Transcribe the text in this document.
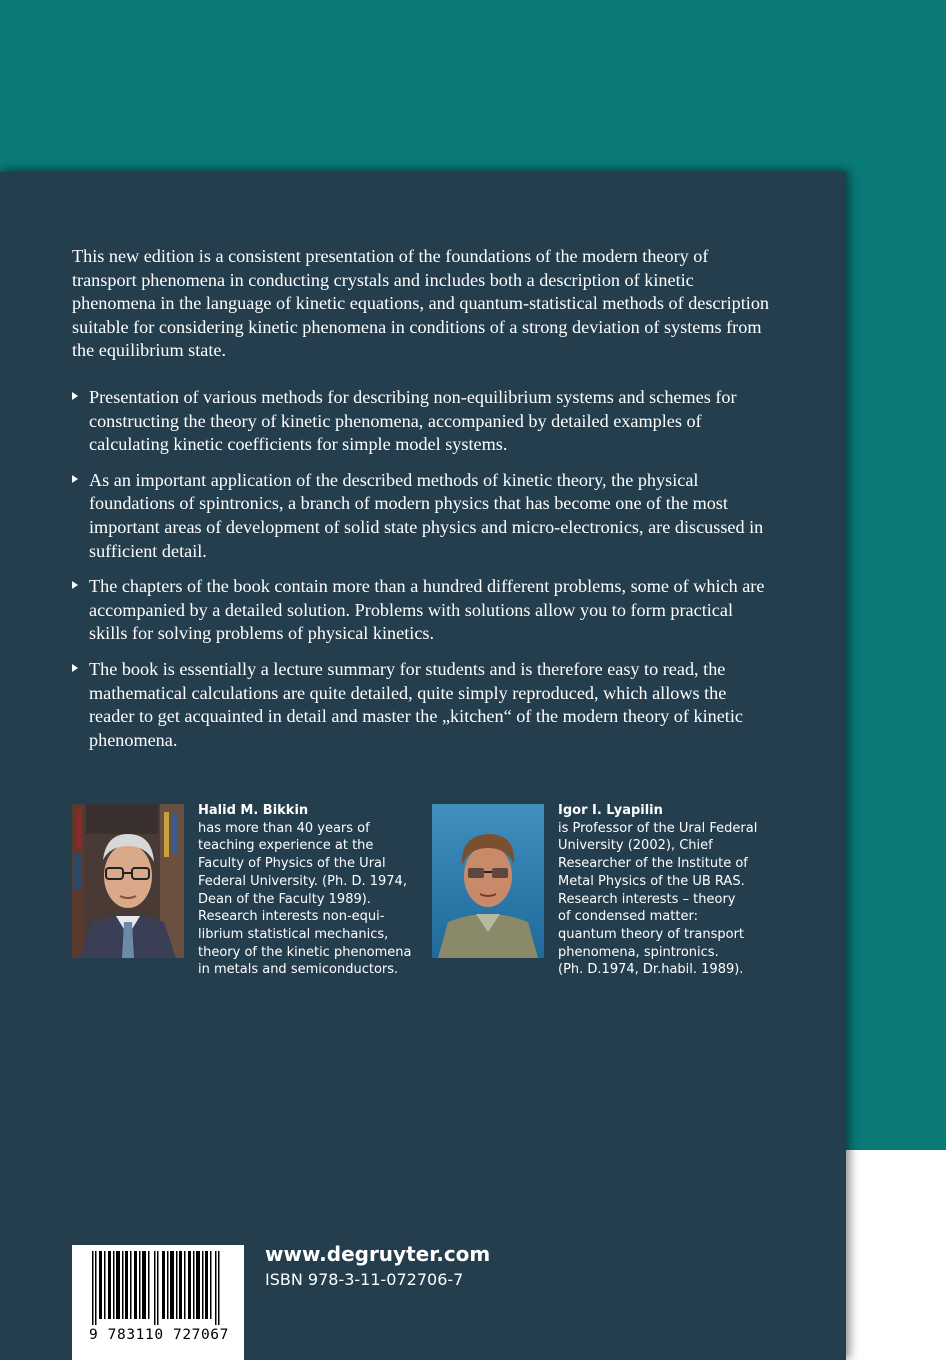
This new edition is a consistent presentation of the foundations of the modern theory of transport phenomena in conducting crystals and includes both a description of kinetic phenomena in the language of kinetic equations, and quantum-statistical methods of description suitable for considering kinetic phenomena in conditions of a strong deviation of systems from the equilibrium state.

Presentation of various methods for describing non-equilibrium systems and schemes for constructing the theory of kinetic phenomena, accompanied by detailed examples of calculating kinetic coefficients for simple model systems.
As an important application of the described methods of kinetic theory, the physical foundations of spintronics, a branch of modern physics that has become one of the most important areas of development of solid state physics and micro-electronics, are discussed in sufficient detail.
The chapters of the book contain more than a hundred different problems, some of which are accompanied by a detailed solution. Problems with solutions allow you to form practical skills for solving problems of physical kinetics.
The book is essentially a lecture summary for students and is therefore easy to read, the mathematical calculations are quite detailed, quite simply reproduced, which allows the reader to get acquainted in detail and master the „kitchen“ of the modern theory of kinetic phenomena.
Halid M. Bikkin
has more than 40 years of
teaching experience at the
Faculty of Physics of the Ural
Federal University. (Ph. D. 1974,
Dean of the Faculty 1989).
Research interests non-equi-
librium statistical mechanics,
theory of the kinetic phenomena
in metals and semiconductors.
Igor I. Lyapilin
is Professor of the Ural Federal
University (2002), Chief
Researcher of the Institute of
Metal Physics of the UB RAS.
Research interests – theory
of condensed matter:
quantum theory of transport
phenomena, spintronics.
(Ph. D.1974, Dr.habil. 1989).
9 783110 727067
www.degruyter.com
ISBN 978-3-11-072706-7
